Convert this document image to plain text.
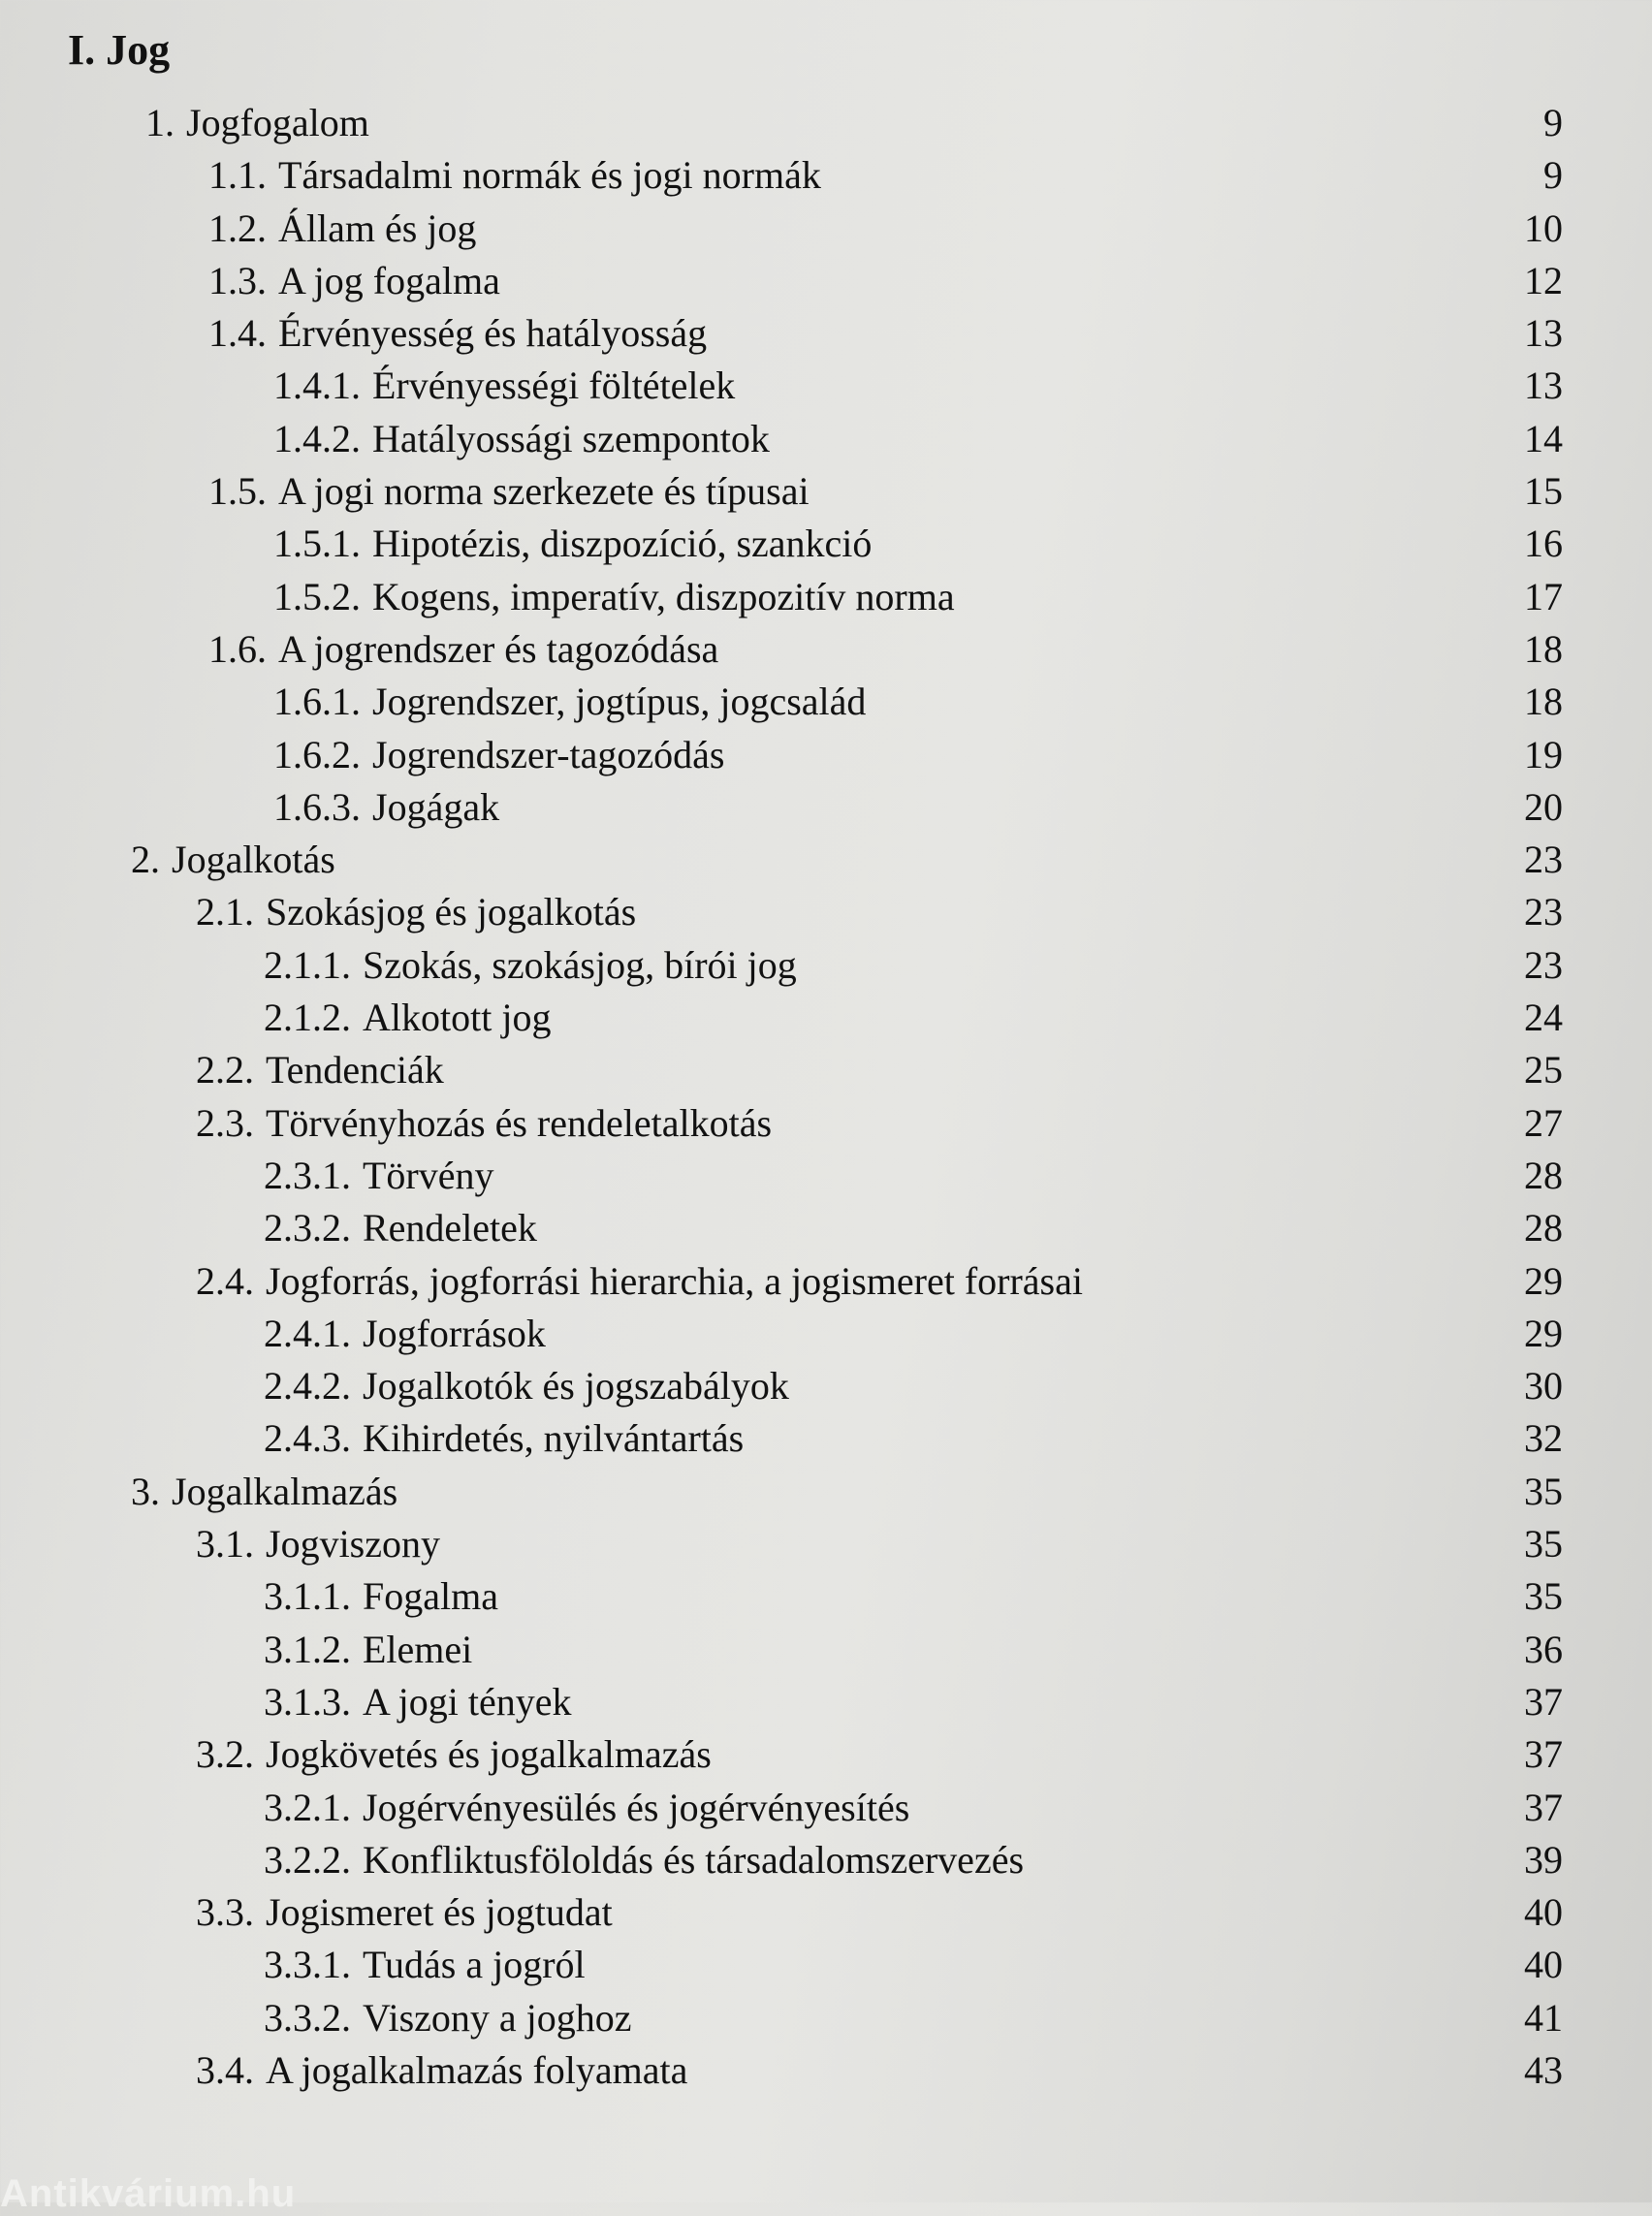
I. Jog
1. Jogfogalom	9
1.1. Társadalmi normák és jogi normák	9
1.2. Állam és jog	10
1.3. A jog fogalma	12
1.4. Érvényesség és hatályosság	13
1.4.1. Érvényességi föltételek	13
1.4.2. Hatályossági szempontok	14
1.5. A jogi norma szerkezete és típusai	15
1.5.1. Hipotézis, diszpozíció, szankció	16
1.5.2. Kogens, imperatív, diszpozitív norma	17
1.6. A jogrendszer és tagozódása	18
1.6.1. Jogrendszer, jogtípus, jogcsalád	18
1.6.2. Jogrendszer-tagozódás	19
1.6.3. Jogágak	20
2. Jogalkotás	23
2.1. Szokásjog és jogalkotás	23
2.1.1. Szokás, szokásjog, bírói jog	23
2.1.2. Alkotott jog	24
2.2. Tendenciák	25
2.3. Törvényhozás és rendeletalkotás	27
2.3.1. Törvény	28
2.3.2. Rendeletek	28
2.4. Jogforrás, jogforrási hierarchia, a jogismeret forrásai	29
2.4.1. Jogforrások	29
2.4.2. Jogalkotók és jogszabályok	30
2.4.3. Kihirdetés, nyilvántartás	32
3. Jogalkalmazás	35
3.1. Jogviszony	35
3.1.1. Fogalma	35
3.1.2. Elemei	36
3.1.3. A jogi tények	37
3.2. Jogkövetés és jogalkalmazás	37
3.2.1. Jogérvényesülés és jogérvényesítés	37
3.2.2. Konfliktusföloldás és társadalomszervezés	39
3.3. Jogismeret és jogtudat	40
3.3.1. Tudás a jogról	40
3.3.2. Viszony a joghoz	41
3.4. A jogalkalmazás folyamata	43
Antikvárium.hu
